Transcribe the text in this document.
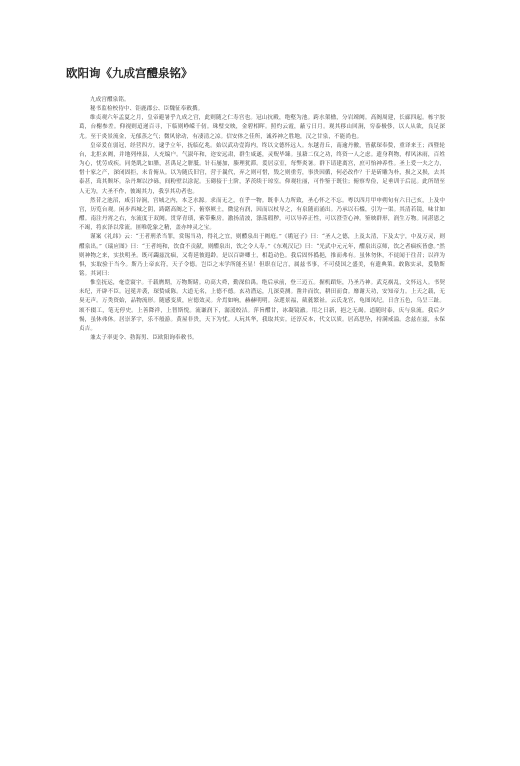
欧阳询《九成宫醴泉铭》

九成宫醴泉铭。

秘书监检校侍中、钜鹿郡公、臣魏征奉敕撰。

维贞观六年孟夏之月，皇帝避暑乎九成之宫，此则随之仁寿宫也。冠山抗殿，绝壑为池。跨水架楹，分岩竦阙。高阁周建，长廊四起。栋宇胶葛，台榭参差。仰视则迢递百寻，下临则峥嵘千仞。珠璧交映，金碧相晖。照灼云霞，蔽亏日月。观其移山回涧，穷泰极侈，以人从欲，良足深尤。至于炎景流金，无郁蒸之气；微风徐动，有凄清之凉。信安体之佳所，诚养神之胜地，汉之甘泉，不能尚也。

皇帝爰在弱冠，经营四方，逮乎立年，抚临亿兆。始以武功壹海内，终以文德怀远人。东越青丘，南逾丹徼，皆献琛奉贽，重译来王；西暨轮台，北拒玄阙，并地列州县，人充编户。气淑年和，迩安远肃，群生咸遂，灵贶毕臻。虽藉二仪之功，终资一人之虑。遗身利物，栉风沐雨，百姓为心，忧劳成疾。同尧肌之如腊，甚禹足之胼胝。针石屡加，腠理犹滞。爰居京室，每弊炎暑。群下请建离宫，庶可怡神养性。圣上爱一夫之力，惜十家之产，深闭固拒，未肯俯从。以为随氏旧宫，营于曩代，弃之则可惜，毁之则重劳，事贵因循，何必改作？于是斫雕为朴，损之又损，去其泰甚，葺其颓坏。杂丹墀以沙砾，间粉壁以涂泥。玉砌接于土阶，茅茨续于琼室。仰观壮丽，可作鉴于既往；俯察卑俭，足垂训于后昆。此所谓至人无为，大圣不作，彼竭其力，我享其功者也。

然昔之池沼，咸引谷涧，宫城之内，本乏水源。求而无之，在乎一物。既非人力所致，圣心怀之不忘。粤以四月甲申朔旬有六日己亥，上及中宫，历览台观。闲步西城之阴，踌躇高阁之下，俯察厥土，微觉有润，因而以杖导之，有泉随而涌出。乃承以石槛，引为一渠。其清若镜，味甘如醴。南注丹霄之右，东流度于双阙。贯穿青琐，萦带紫房。激扬清波，涤荡瑕秽，可以导养正性，可以澄莹心神。鉴映群形，润生万物。同湛恩之不竭，将玄泽以常流。匪唯乾象之精，盖亦坤灵之宝。

谨案《礼纬》云：“王者刑杀当罪，赏锡当功，得礼之宜，则醴泉出于阙庭。”《鹖冠子》曰：“圣人之德，上及太清，下及太宁，中及万灵，则醴泉出。”《瑞应图》曰：“王者纯和，饮食不贡献，则醴泉出，饮之令人寿。”《东观汉记》曰：“光武中元元年，醴泉出京师，饮之者痼疾皆愈。”然则神物之来，实扶明圣。既可蠲兹沈痼，又将延彼遐龄。是以百辟卿士，相趋动色。我后固怀撝挹，推而弗有。虽休勿休，不徒闻于往昔；以祥为惧，实取验于当今。斯乃上帝玄符，天子令德。岂臣之末学所能丕显！但职在记言，属兹书事，不可使国之盛美，有遗典策。敢陈实录，爰勒斯铭。其词曰：

惟皇抚运，奄壹寰宇。千载膺期，万物斯睹。功高大舜，勤深伯禹。绝后承前，登三迈五。握机蹈矩，乃圣乃神。武克祸乱，文怀远人。书契未纪，开辟不臣。冠冕并袭，琛贽咸陈。大道无名，上德不德。玄功潜运，几深莫测。凿井而饮，耕田而食。靡谢天功，安知帝力。上天之载，无臭无声。万类资始，品物流形。随感变质，应德效灵。介焉如响，赫赫明明。杂遝景福，葳蕤繁祉。云氏龙官，龟图凤纪。日含五色，乌呈三趾。颂不辍工，笔无停史。上善降祥，上智斯悦。流谦润下，潺湲皎洁。萍旨醴甘，冰凝镜澈。用之日新，挹之无竭。道随时泰，庆与泉流。我后夕惕，虽休弗休。居崇茅宇，乐不般游。黄屋非贵，天下为忧。人玩其华，我取其实。还淳反本，代文以质。居高思坠，持满戒溢。念兹在兹，永保贞吉。

兼太子率更令、勃海男、臣欧阳询奉敕书。
